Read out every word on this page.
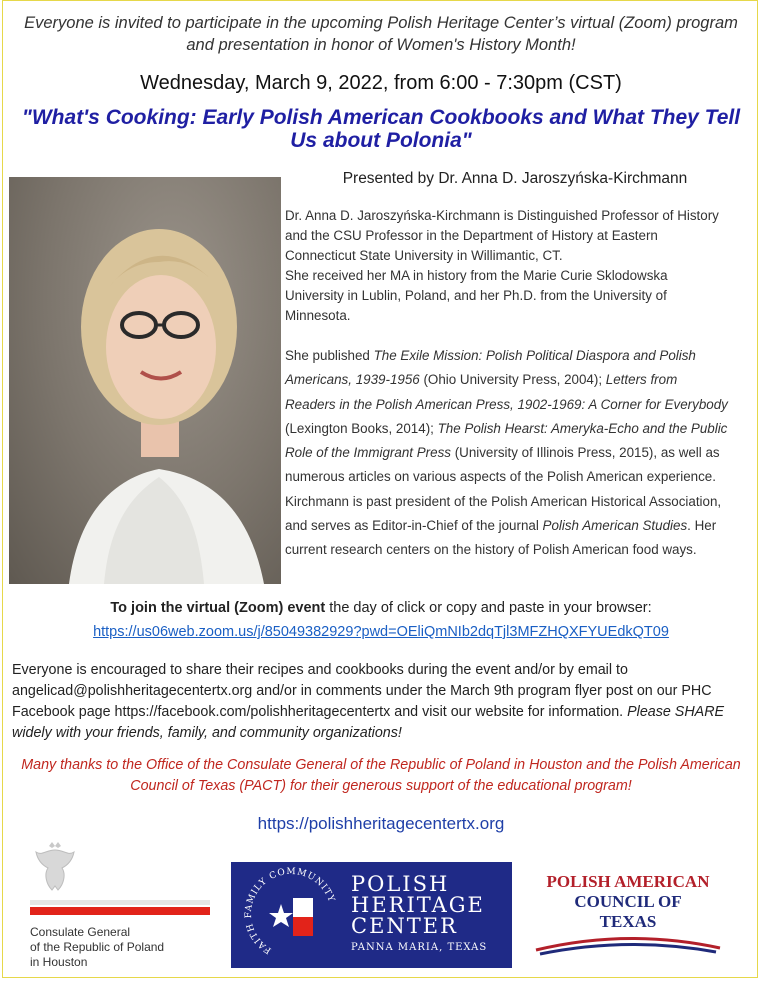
Everyone is invited to participate in the upcoming Polish Heritage Center’s virtual (Zoom) program and presentation in honor of Women's History Month!
Wednesday, March 9, 2022, from 6:00 - 7:30pm (CST)
"What's Cooking: Early Polish American Cookbooks and What They Tell Us about Polonia"
Presented by Dr. Anna D. Jaroszyńska-Kirchmann
Dr. Anna D. Jaroszyńska-Kirchmann is Distinguished Professor of History and the CSU Professor in the Department of History at Eastern Connecticut State University in Willimantic, CT.
She received her MA in history from the Marie Curie Sklodowska University in Lublin, Poland, and her Ph.D. from the University of Minnesota.
She published The Exile Mission: Polish Political Diaspora and Polish Americans, 1939-1956 (Ohio University Press, 2004); Letters from Readers in the Polish American Press, 1902-1969: A Corner for Everybody (Lexington Books, 2014); The Polish Hearst: Ameryka-Echo and the Public Role of the Immigrant Press (University of Illinois Press, 2015), as well as numerous articles on various aspects of the Polish American experience. Kirchmann is past president of the Polish American Historical Association, and serves as Editor-in-Chief of the journal Polish American Studies. Her current research centers on the history of Polish American food ways.
To join the virtual (Zoom) event the day of click or copy and paste in your browser:
https://us06web.zoom.us/j/85049382929?pwd=OEliQmNIb2dqTjl3MFZHQXFYUEdkQT09
Everyone is encouraged to share their recipes and cookbooks during the event and/or by email to angelicad@polishheritagecentertx.org and/or in comments under the March 9th program flyer post on our PHC Facebook page https://facebook.com/polishheritagecentertx and visit our website for information. Please SHARE widely with your friends, family, and community organizations!
Many thanks to the Office of the Consulate General of the Republic of Poland in Houston and the Polish American Council of Texas (PACT) for their generous support of the educational program!
https://polishheritagecentertx.org
Consulate General
of the Republic of Poland
in Houston
FAITH FAMILY COMMUNITY
POLISH
HERITAGE
CENTER
PANNA MARIA, TEXAS
POLISH AMERICAN
COUNCIL OF
TEXAS
